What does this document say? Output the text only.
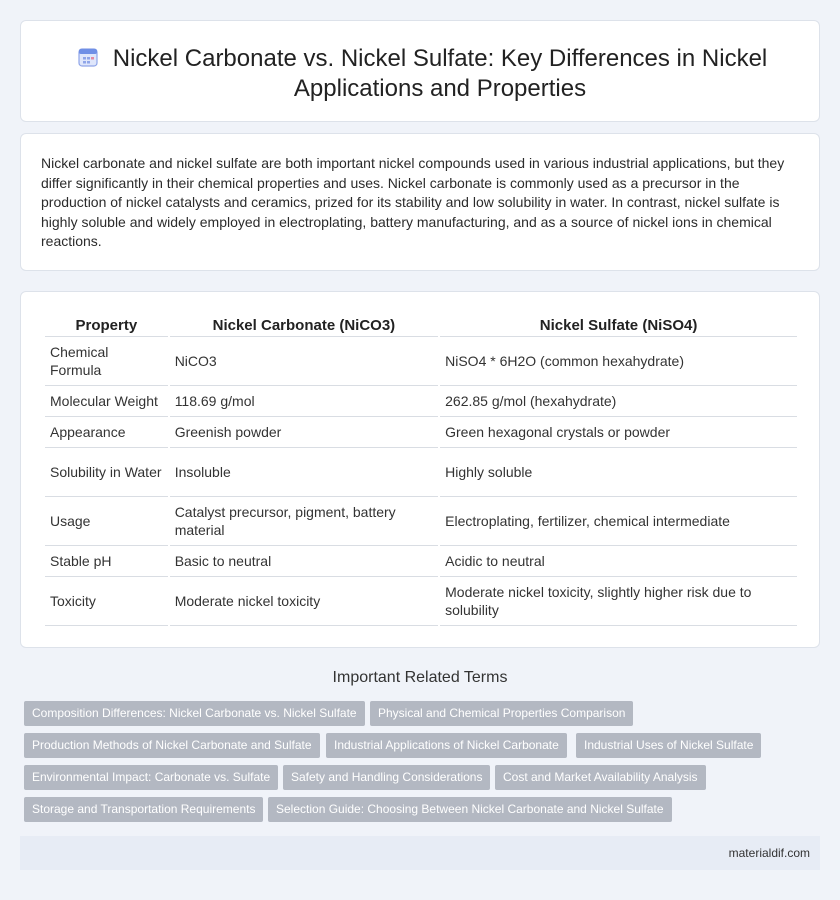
Nickel Carbonate vs. Nickel Sulfate: Key Differences in Nickel Applications and Properties

Nickel carbonate and nickel sulfate are both important nickel compounds used in various industrial applications, but they differ significantly in their chemical properties and uses. Nickel carbonate is commonly used as a precursor in the production of nickel catalysts and ceramics, prized for its stability and low solubility in water. In contrast, nickel sulfate is highly soluble and widely employed in electroplating, battery manufacturing, and as a source of nickel ions in chemical reactions.

Property	Nickel Carbonate (NiCO3)	Nickel Sulfate (NiSO4)
Chemical Formula	NiCO3	NiSO4 * 6H2O (common hexahydrate)
Molecular Weight	118.69 g/mol	262.85 g/mol (hexahydrate)
Appearance	Greenish powder	Green hexagonal crystals or powder
Solubility in Water	Insoluble	Highly soluble
Usage	Catalyst precursor, pigment, battery material	Electroplating, fertilizer, chemical intermediate
Stable pH	Basic to neutral	Acidic to neutral
Toxicity	Moderate nickel toxicity	Moderate nickel toxicity, slightly higher risk due to solubility
Important Related Terms
Composition Differences: Nickel Carbonate vs. Nickel Sulfate	Physical and Chemical Properties Comparison
Production Methods of Nickel Carbonate and Sulfate	Industrial Applications of Nickel Carbonate	Industrial Uses of Nickel Sulfate
Environmental Impact: Carbonate vs. Sulfate	Safety and Handling Considerations	Cost and Market Availability Analysis
Storage and Transportation Requirements	Selection Guide: Choosing Between Nickel Carbonate and Nickel Sulfate
materialdif.com
